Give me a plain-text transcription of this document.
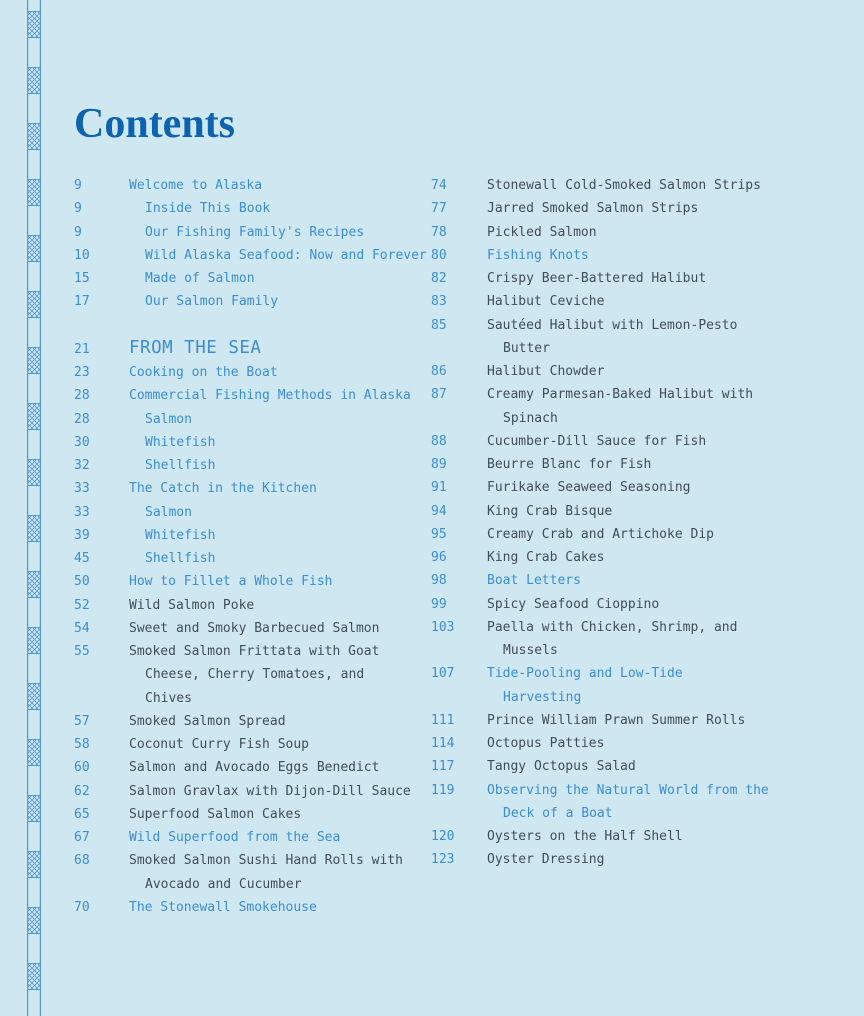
Contents
9	Welcome to Alaska
9	Inside This Book
9	Our Fishing Family's Recipes
10	Wild Alaska Seafood: Now and Forever
15	Made of Salmon
17	Our Salmon Family
21	FROM THE SEA
23	Cooking on the Boat
28	Commercial Fishing Methods in Alaska
28	Salmon
30	Whitefish
32	Shellfish
33	The Catch in the Kitchen
33	Salmon
39	Whitefish
45	Shellfish
50	How to Fillet a Whole Fish
52	Wild Salmon Poke
54	Sweet and Smoky Barbecued Salmon
55	Smoked Salmon Frittata with Goat
Cheese, Cherry Tomatoes, and
Chives
57	Smoked Salmon Spread
58	Coconut Curry Fish Soup
60	Salmon and Avocado Eggs Benedict
62	Salmon Gravlax with Dijon-Dill Sauce
65	Superfood Salmon Cakes
67	Wild Superfood from the Sea
68	Smoked Salmon Sushi Hand Rolls with
Avocado and Cucumber
70	The Stonewall Smokehouse
74	Stonewall Cold-Smoked Salmon Strips
77	Jarred Smoked Salmon Strips
78	Pickled Salmon
80	Fishing Knots
82	Crispy Beer-Battered Halibut
83	Halibut Ceviche
85	Sautéed Halibut with Lemon-Pesto
Butter
86	Halibut Chowder
87	Creamy Parmesan-Baked Halibut with
Spinach
88	Cucumber-Dill Sauce for Fish
89	Beurre Blanc for Fish
91	Furikake Seaweed Seasoning
94	King Crab Bisque
95	Creamy Crab and Artichoke Dip
96	King Crab Cakes
98	Boat Letters
99	Spicy Seafood Cioppino
103	Paella with Chicken, Shrimp, and
Mussels
107	Tide-Pooling and Low-Tide
Harvesting
111	Prince William Prawn Summer Rolls
114	Octopus Patties
117	Tangy Octopus Salad
119	Observing the Natural World from the
Deck of a Boat
120	Oysters on the Half Shell
123	Oyster Dressing
